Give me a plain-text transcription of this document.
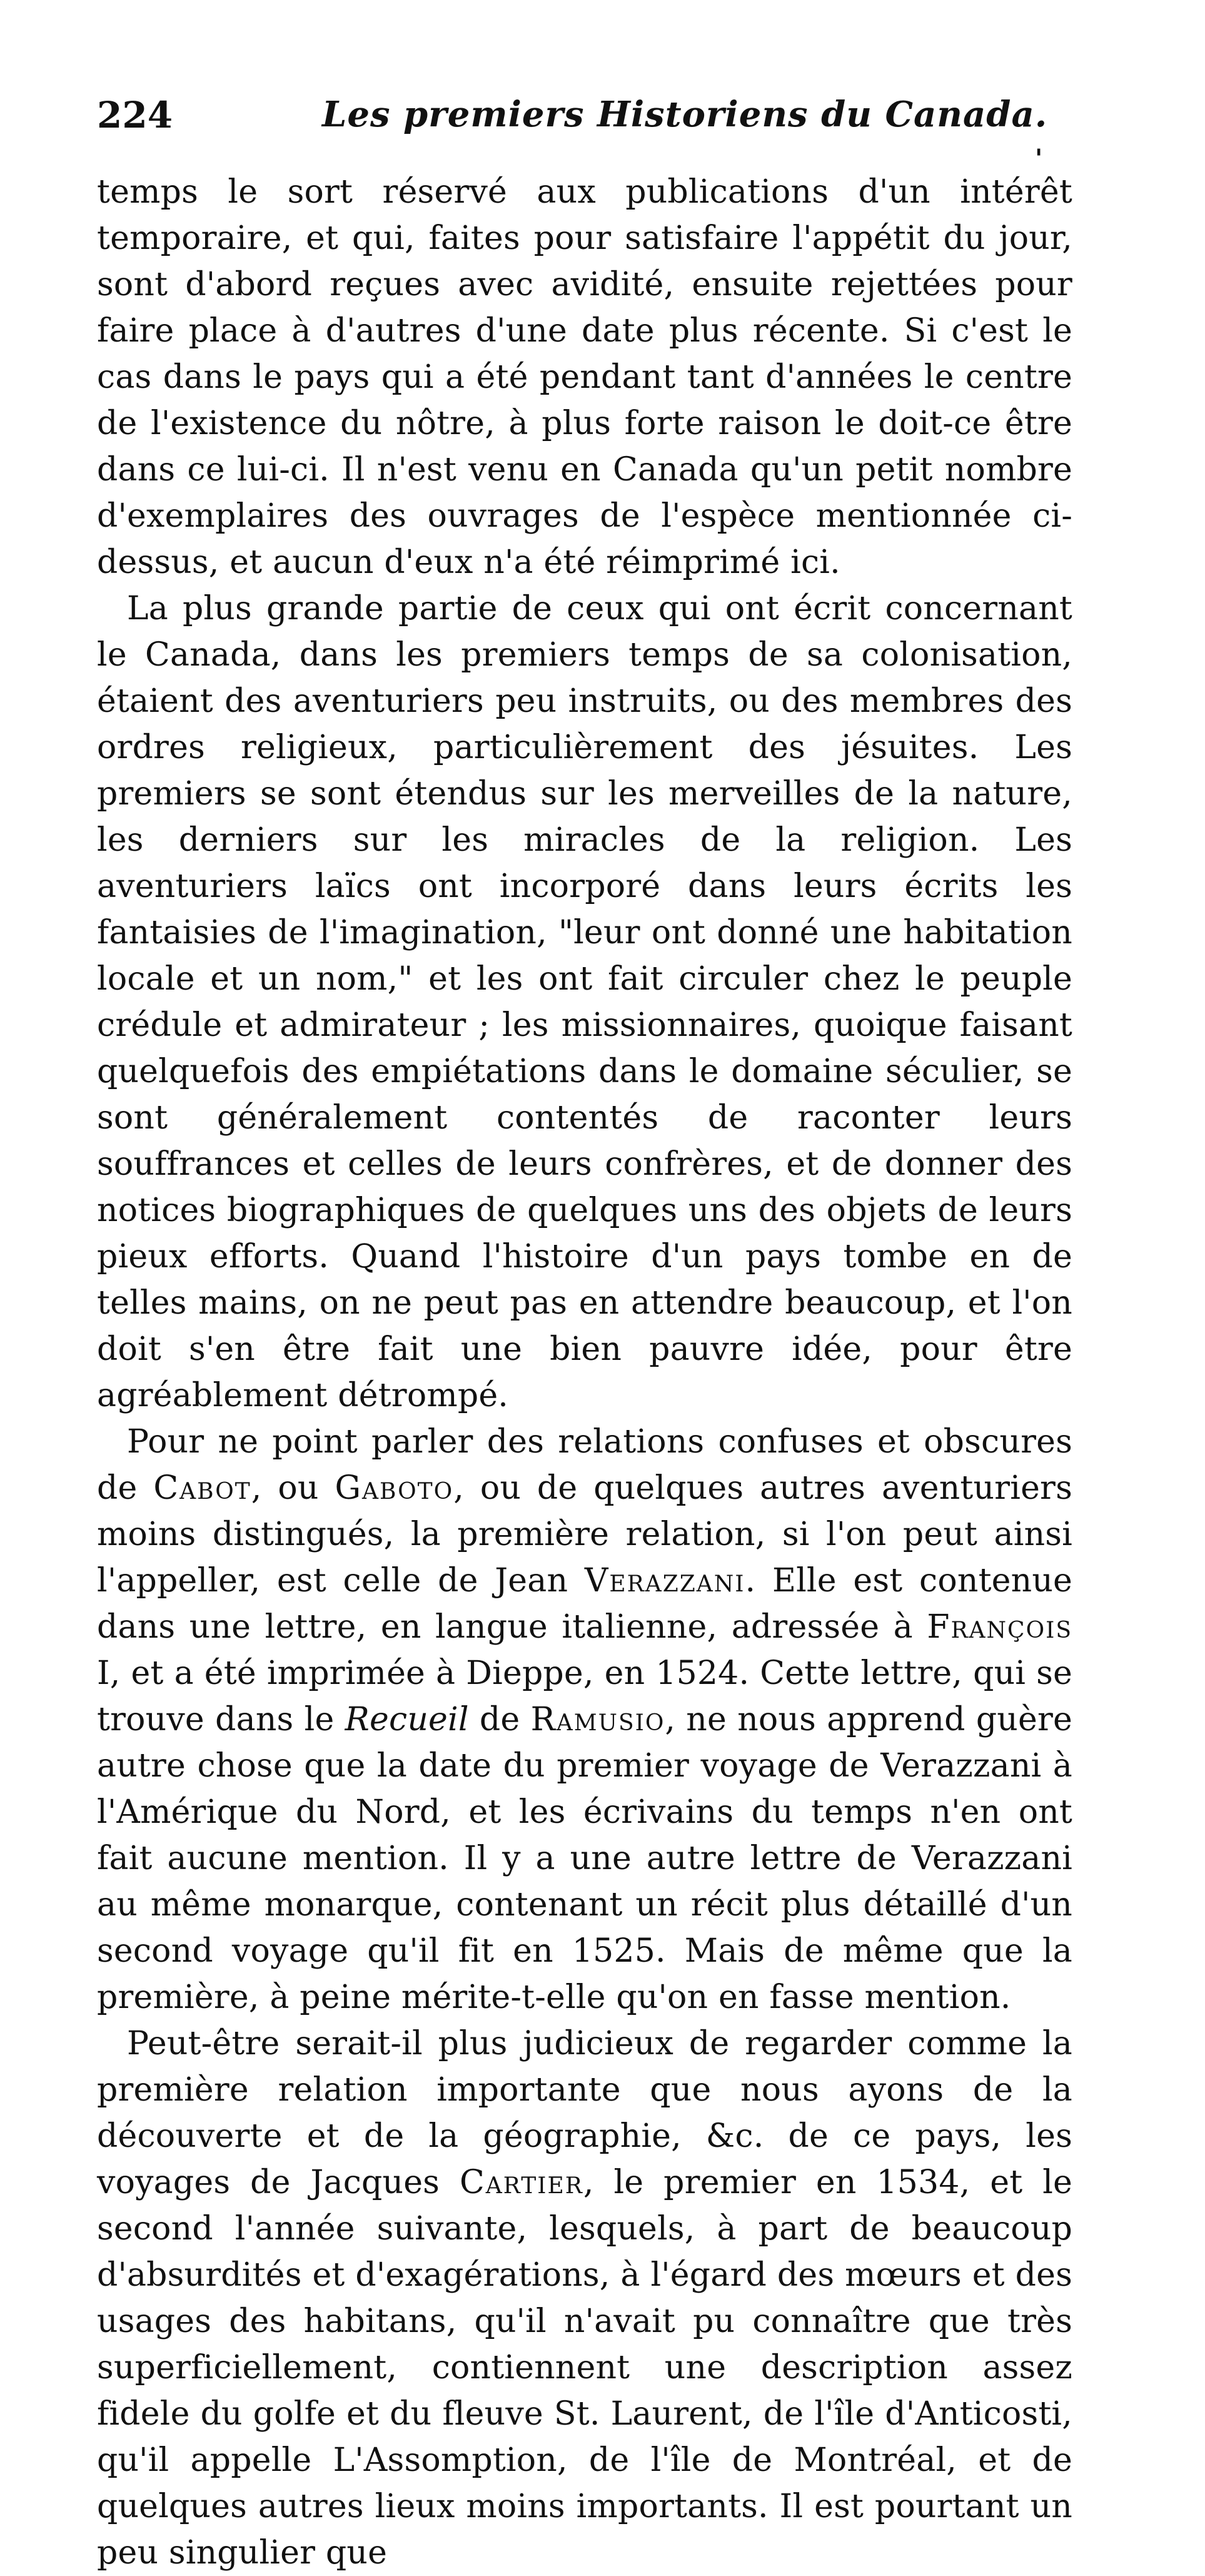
224	Les premiers Historiens du Canada.
'

temps le sort réservé aux publications d'un intérêt temporaire, et qui, faites pour satisfaire l'appétit du jour, sont d'abord reçues avec avidité, ensuite rejettées pour faire place à d'autres d'une date plus récente. Si c'est le cas dans le pays qui a été pendant tant d'années le centre de l'existence du nôtre, à plus forte raison le doit-ce être dans ce lui-ci. Il n'est venu en Canada qu'un petit nombre d'exemplaires des ouvrages de l'espèce mentionnée ci-dessus, et aucun d'eux n'a été réimprimé ici.

La plus grande partie de ceux qui ont écrit concernant le Canada, dans les premiers temps de sa colonisation, étaient des aventuriers peu instruits, ou des membres des ordres religieux, particulièrement des jésuites. Les premiers se sont étendus sur les merveilles de la nature, les derniers sur les miracles de la religion. Les aventuriers laïcs ont incorporé dans leurs écrits les fantaisies de l'imagination, "leur ont donné une habitation locale et un nom," et les ont fait circuler chez le peuple crédule et admirateur ; les missionnaires, quoique faisant quelquefois des empiétations dans le domaine séculier, se sont généralement contentés de raconter leurs souffrances et celles de leurs confrères, et de donner des notices biographiques de quelques uns des objets de leurs pieux efforts. Quand l'histoire d'un pays tombe en de telles mains, on ne peut pas en attendre beaucoup, et l'on doit s'en être fait une bien pauvre idée, pour être agréablement détrompé.

Pour ne point parler des relations confuses et obscures de Cabot, ou Gaboto, ou de quelques autres aventuriers moins distingués, la première relation, si l'on peut ainsi l'appeller, est celle de Jean Verazzani. Elle est contenue dans une lettre, en langue italienne, adressée à François I, et a été imprimée à Dieppe, en 1524. Cette lettre, qui se trouve dans le Recueil de Ramusio, ne nous apprend guère autre chose que la date du premier voyage de Verazzani à l'Amérique du Nord, et les écrivains du temps n'en ont fait aucune mention. Il y a une autre lettre de Verazzani au même monarque, contenant un récit plus détaillé d'un second voyage qu'il fit en 1525. Mais de même que la première, à peine mérite-t-elle qu'on en fasse mention.

Peut-être serait-il plus judicieux de regarder comme la première relation importante que nous ayons de la découverte et de la géographie, &c. de ce pays, les voyages de Jacques Cartier, le premier en 1534, et le second l'année suivante, lesquels, à part de beaucoup d'absurdités et d'exagérations, à l'égard des mœurs et des usages des habitans, qu'il n'avait pu connaître que très superficiellement, contiennent une description assez fidele du golfe et du fleuve St. Laurent, de l'île d'Anticosti, qu'il appelle L'Assomption, de l'île de Montréal, et de quelques autres lieux moins importants. Il est pourtant un peu singulier que
